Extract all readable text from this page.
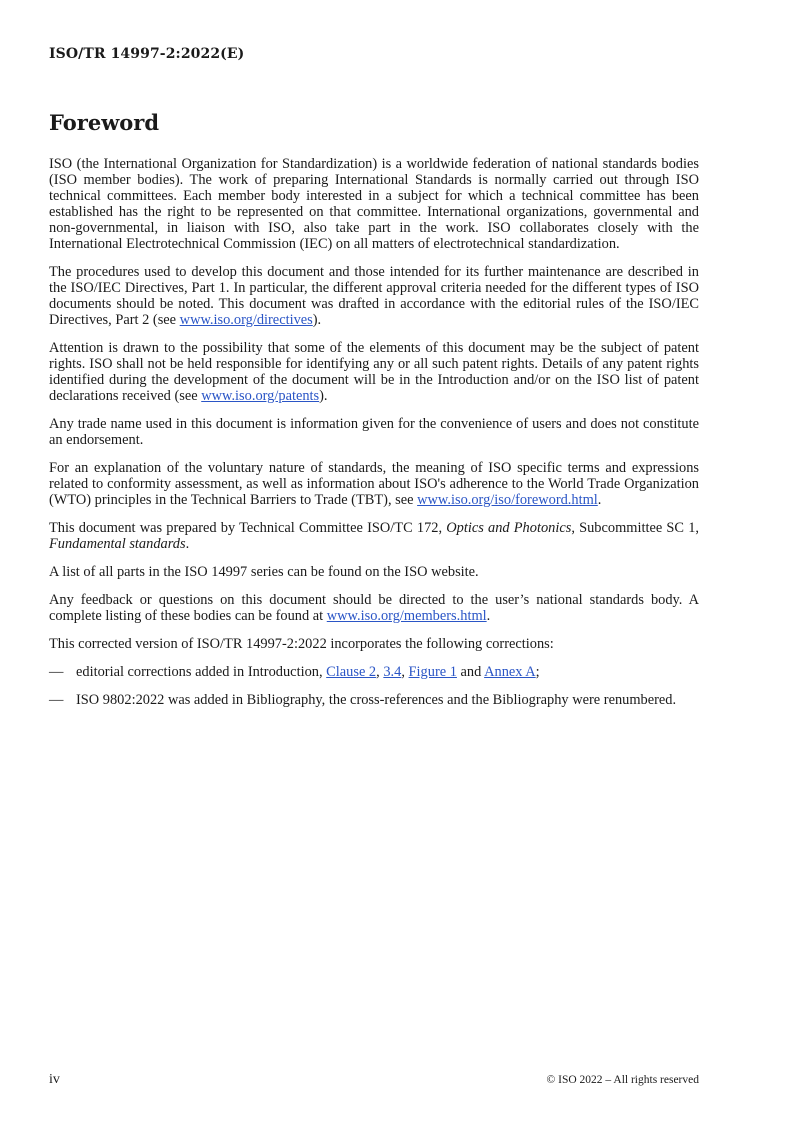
ISO/TR 14997-2:2022(E)
Foreword

ISO (the International Organization for Standardization) is a worldwide federation of national standards bodies (ISO member bodies). The work of preparing International Standards is normally carried out through ISO technical committees. Each member body interested in a subject for which a technical committee has been established has the right to be represented on that committee. International organizations, governmental and non-governmental, in liaison with ISO, also take part in the work. ISO collaborates closely with the International Electrotechnical Commission (IEC) on all matters of electrotechnical standardization.

The procedures used to develop this document and those intended for its further maintenance are described in the ISO/IEC Directives, Part 1. In particular, the different approval criteria needed for the different types of ISO documents should be noted. This document was drafted in accordance with the editorial rules of the ISO/IEC Directives, Part 2 (see www.iso.org/directives).

Attention is drawn to the possibility that some of the elements of this document may be the subject of patent rights. ISO shall not be held responsible for identifying any or all such patent rights. Details of any patent rights identified during the development of the document will be in the Introduction and/or on the ISO list of patent declarations received (see www.iso.org/patents).

Any trade name used in this document is information given for the convenience of users and does not constitute an endorsement.

For an explanation of the voluntary nature of standards, the meaning of ISO specific terms and expressions related to conformity assessment, as well as information about ISO's adherence to the World Trade Organization (WTO) principles in the Technical Barriers to Trade (TBT), see www.iso.org/iso/foreword.html.

This document was prepared by Technical Committee ISO/TC 172, Optics and Photonics, Subcommittee SC 1, Fundamental standards.

A list of all parts in the ISO 14997 series can be found on the ISO website.

Any feedback or questions on this document should be directed to the user’s national standards body. A complete listing of these bodies can be found at www.iso.org/members.html.

This corrected version of ISO/TR 14997-2:2022 incorporates the following corrections:

— editorial corrections added in Introduction, Clause 2, 3.4, Figure 1 and Annex A;
— ISO 9802:2022 was added in Bibliography, the cross-references and the Bibliography were renumbered.
iv	© ISO 2022 – All rights reserved
